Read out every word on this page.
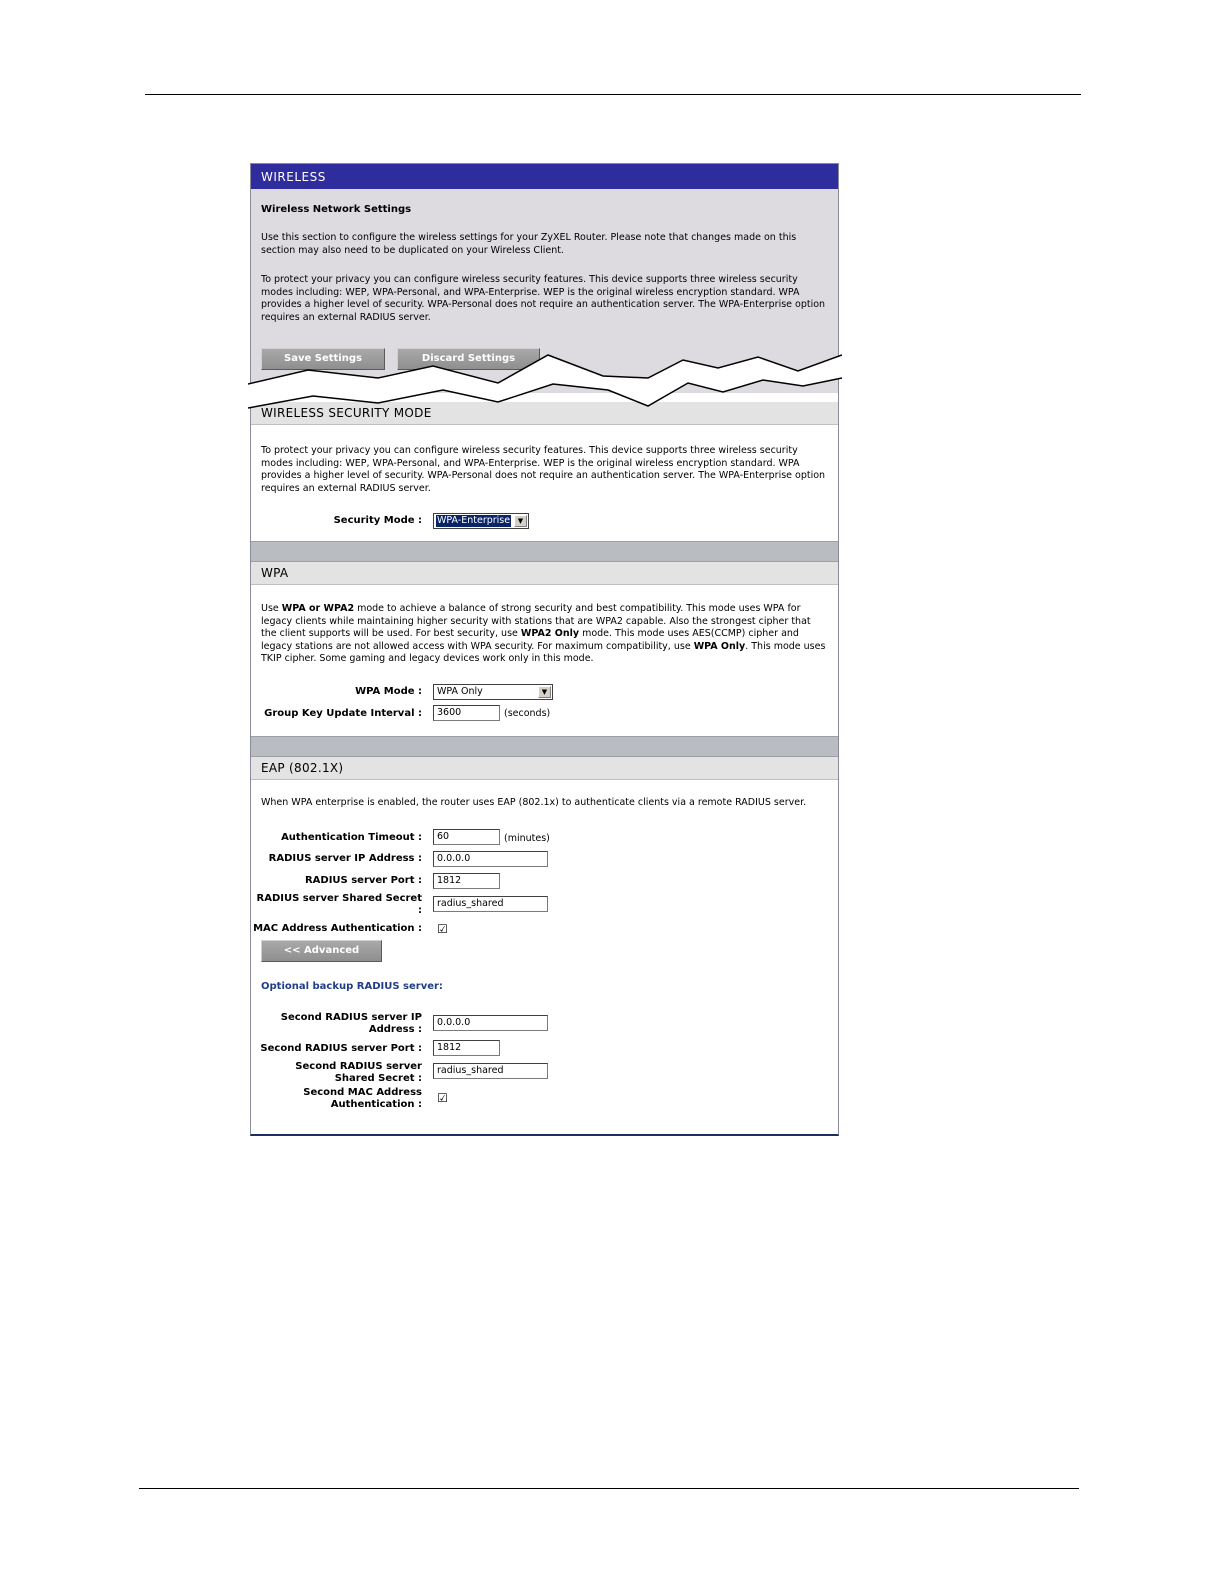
WIRELESS
Wireless Network Settings
Use this section to configure the wireless settings for your ZyXEL Router. Please note that changes made on this section may also need to be duplicated on your Wireless Client.
To protect your privacy you can configure wireless security features. This device supports three wireless security modes including: WEP, WPA-Personal, and WPA-Enterprise. WEP is the original wireless encryption standard. WPA provides a higher level of security. WPA-Personal does not require an authentication server. The WPA-Enterprise option requires an external RADIUS server.
Save Settings	Discard Settings
WIRELESS SECURITY MODE
To protect your privacy you can configure wireless security features. This device supports three wireless security modes including: WEP, WPA-Personal, and WPA-Enterprise. WEP is the original wireless encryption standard. WPA provides a higher level of security. WPA-Personal does not require an authentication server. The WPA-Enterprise option requires an external RADIUS server.
Security Mode : WPA-Enterprise	▼
WPA
Use WPA or WPA2 mode to achieve a balance of strong security and best compatibility. This mode uses WPA for legacy clients while maintaining higher security with stations that are WPA2 capable. Also the strongest cipher that the client supports will be used. For best security, use WPA2 Only mode. This mode uses AES(CCMP) cipher and legacy stations are not allowed access with WPA security. For maximum compatibility, use WPA Only. This mode uses TKIP cipher. Some gaming and legacy devices work only in this mode.
WPA Mode : WPA Only	▼
Group Key Update Interval :	3600	(seconds)
EAP (802.1X)
When WPA enterprise is enabled, the router uses EAP (802.1x) to authenticate clients via a remote RADIUS server.
Authentication Timeout :	60	(minutes)
RADIUS server IP Address :	0.0.0.0
RADIUS server Port :	1812
RADIUS server Shared Secret :
radius_shared
MAC Address Authentication : ☑
<< Advanced
Optional backup RADIUS server:
Second RADIUS server IP Address :
0.0.0.0
Second RADIUS server Port :	1812
Second RADIUS server Shared Secret :
radius_shared
Second MAC Address Authentication : ☑
